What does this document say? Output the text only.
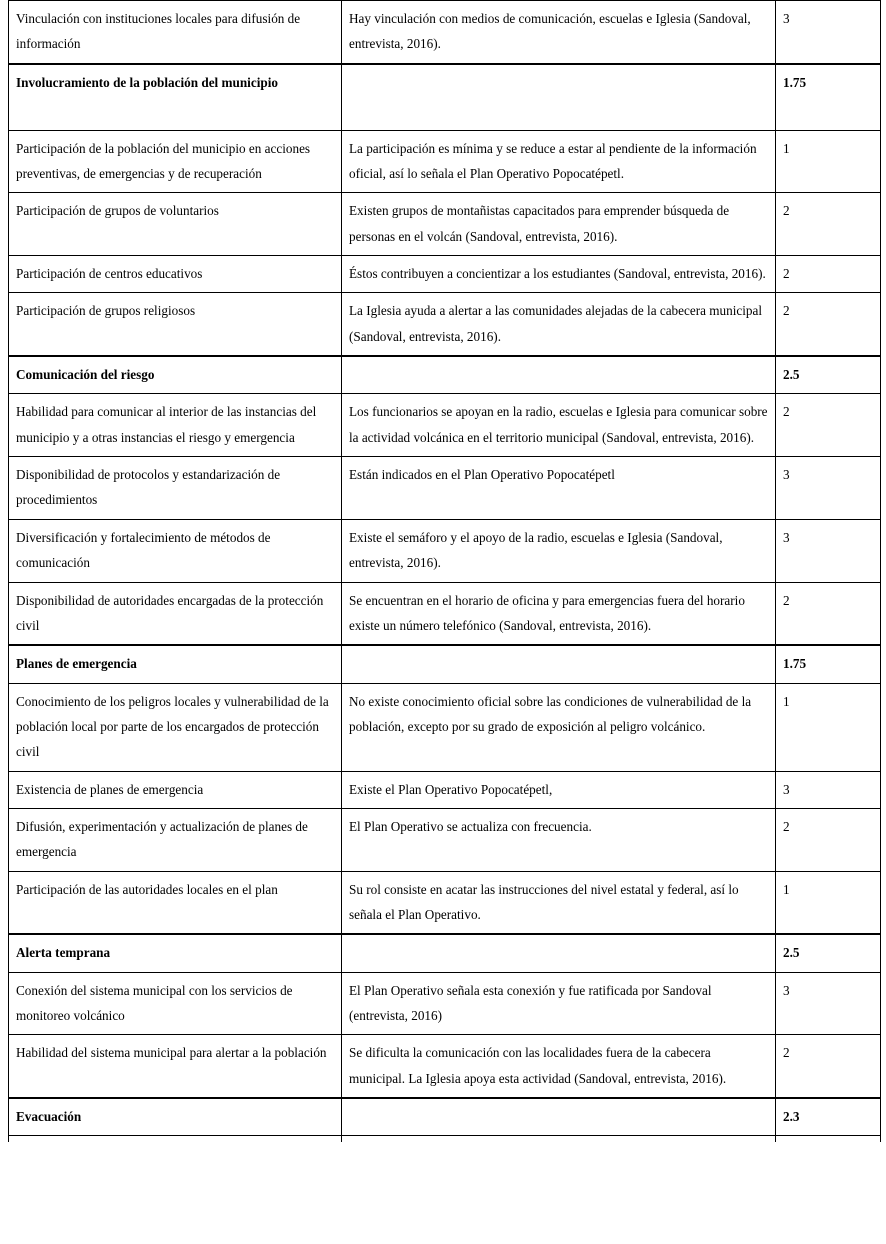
Vinculación con instituciones locales para difusión de información	Hay vinculación con medios de comunicación, escuelas e Iglesia (Sandoval, entrevista, 2016).	3
Involucramiento de la población del municipio		1.75
Participación de la población del municipio en acciones preventivas, de emergencias y de recuperación	La participación es mínima y se reduce a estar al pendiente de la información oficial, así lo señala el Plan Operativo Popocatépetl.	1
Participación de grupos de voluntarios	Existen grupos de montañistas capacitados para emprender búsqueda de personas en el volcán (Sandoval, entrevista, 2016).	2
Participación de centros educativos	Éstos contribuyen a concientizar a los estudiantes (Sandoval, entrevista, 2016).	2
Participación de grupos religiosos	La Iglesia ayuda a alertar a las comunidades alejadas de la cabecera municipal (Sandoval, entrevista, 2016).	2
Comunicación del riesgo		2.5
Habilidad para comunicar al interior de las instancias del municipio y a otras instancias el riesgo y emergencia	Los funcionarios se apoyan en la radio, escuelas e Iglesia para comunicar sobre la actividad volcánica en el territorio municipal (Sandoval, entrevista, 2016).	2
Disponibilidad de protocolos y estandarización de procedimientos	Están indicados en el Plan Operativo Popocatépetl	3
Diversificación y fortalecimiento de métodos de comunicación	Existe el semáforo y el apoyo de la radio, escuelas e Iglesia (Sandoval, entrevista, 2016).	3
Disponibilidad de autoridades encargadas de la protección civil	Se encuentran en el horario de oficina y para emergencias fuera del horario existe un número telefónico (Sandoval, entrevista, 2016).	2
Planes de emergencia		1.75
Conocimiento de los peligros locales y vulnerabilidad de la población local por parte de los encargados de protección civil	No existe conocimiento oficial sobre las condiciones de vulnerabilidad de la población, excepto por su grado de exposición al peligro volcánico.	1
Existencia de planes de emergencia	Existe el Plan Operativo Popocatépetl,	3
Difusión, experimentación y actualización de planes de emergencia	El Plan Operativo se actualiza con frecuencia.	2
Participación de las autoridades locales en el plan	Su rol consiste en acatar las instrucciones del nivel estatal y federal, así lo señala el Plan Operativo.	1
Alerta temprana		2.5
Conexión del sistema municipal con los servicios de monitoreo volcánico	El Plan Operativo señala esta conexión y fue ratificada por Sandoval (entrevista, 2016)	3
Habilidad del sistema municipal para alertar a la población	Se dificulta la comunicación con las localidades fuera de la cabecera municipal. La Iglesia apoya esta actividad (Sandoval, entrevista, 2016).	2
Evacuación		2.3
